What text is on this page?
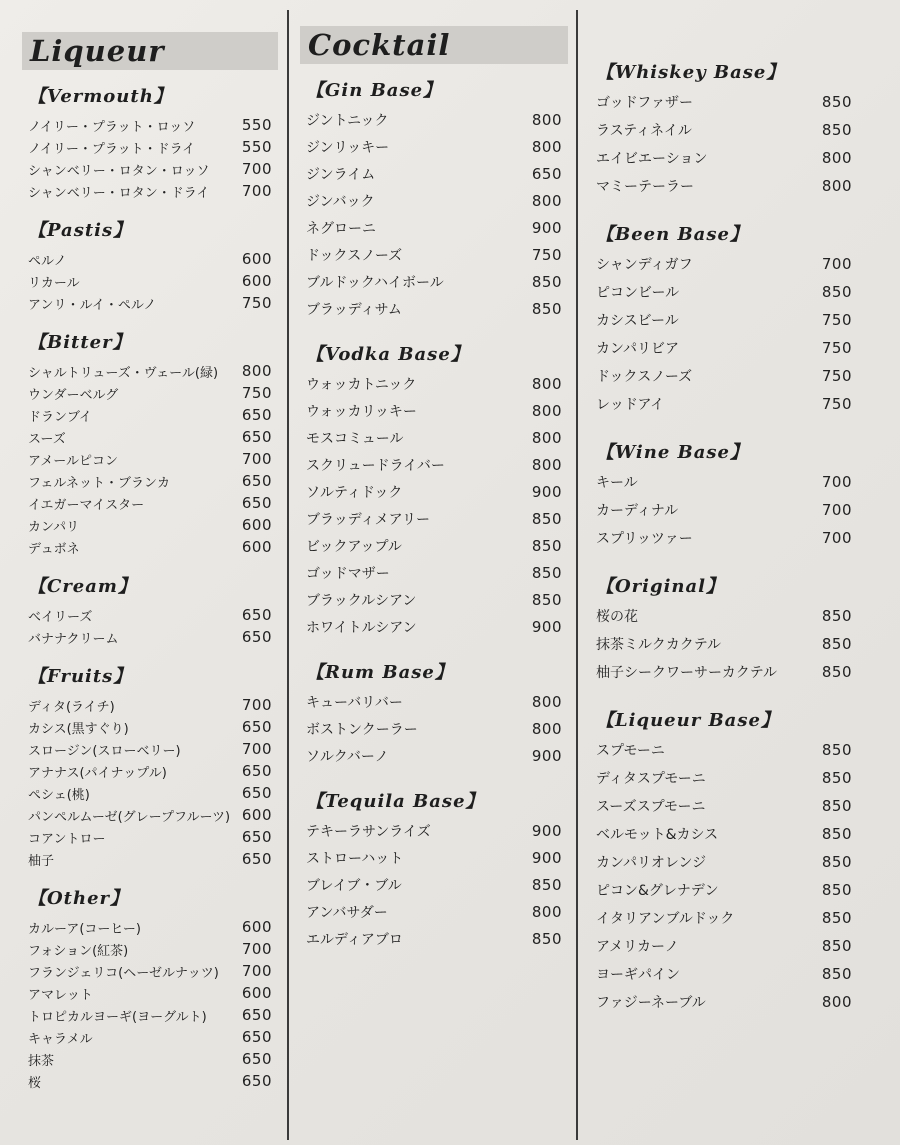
Liqueur
【Vermouth】
ノイリー・プラット・ロッソ	550
ノイリー・プラット・ドライ	550
シャンベリー・ロタン・ロッソ	700
シャンベリー・ロタン・ドライ	700
【Pastis】
ペルノ	600
リカール	600
アンリ・ルイ・ペルノ	750
【Bitter】
シャルトリューズ・ヴェール(緑)	800
ウンダーベルグ	750
ドランブイ	650
スーズ	650
アメールピコン	700
フェルネット・ブランカ	650
イエガーマイスター	650
カンパリ	600
デュボネ	600
【Cream】
ベイリーズ	650
バナナクリーム	650
【Fruits】
ディタ(ライチ)	700
カシス(黒すぐり)	650
スロージン(スローベリー)	700
アナナス(パイナップル)	650
ペシェ(桃)	650
パンペルムーゼ(グレープフルーツ) 600
コアントロー	650
柚子	650
【Other】
カルーア(コーヒー)	600
フォション(紅茶)	700
フランジェリコ(ヘーゼルナッツ)	700
アマレット	600
トロピカルヨーギ(ヨーグルト)	650
キャラメル	650
抹茶	650
桜	650
Cocktail
【Gin Base】
ジントニック	800
ジンリッキー	800
ジンライム	650
ジンバック	800
ネグローニ	900
ドックスノーズ	750
ブルドックハイボール	850
ブラッディサム	850
【Vodka Base】
ウォッカトニック	800
ウォッカリッキー	800
モスコミュール	800
スクリュードライバー	800
ソルティドック	900
ブラッディメアリー	850
ビックアップル	850
ゴッドマザー	850
ブラックルシアン	850
ホワイトルシアン	900
【Rum Base】
キューバリバー	800
ボストンクーラー	800
ソルクバーノ	900
【Tequila Base】
テキーラサンライズ	900
ストローハット	900
ブレイブ・ブル	850
アンバサダー	800
エルディアブロ	850
【Whiskey Base】
ゴッドファザー	850
ラスティネイル	850
エイビエーション	800
マミーテーラー	800
【Been Base】
シャンディガフ	700
ピコンビール	850
カシスビール	750
カンパリビア	750
ドックスノーズ	750
レッドアイ	750
【Wine Base】
キール	700
カーディナル	700
スプリッツァー	700
【Original】
桜の花	850
抹茶ミルクカクテル	850
柚子シークワーサーカクテル	850
【Liqueur Base】
スプモーニ	850
ディタスプモーニ	850
スーズスプモーニ	850
ベルモット&カシス	850
カンパリオレンジ	850
ピコン&グレナデン	850
イタリアンブルドック	850
アメリカーノ	850
ヨーギパイン	850
ファジーネーブル	800
